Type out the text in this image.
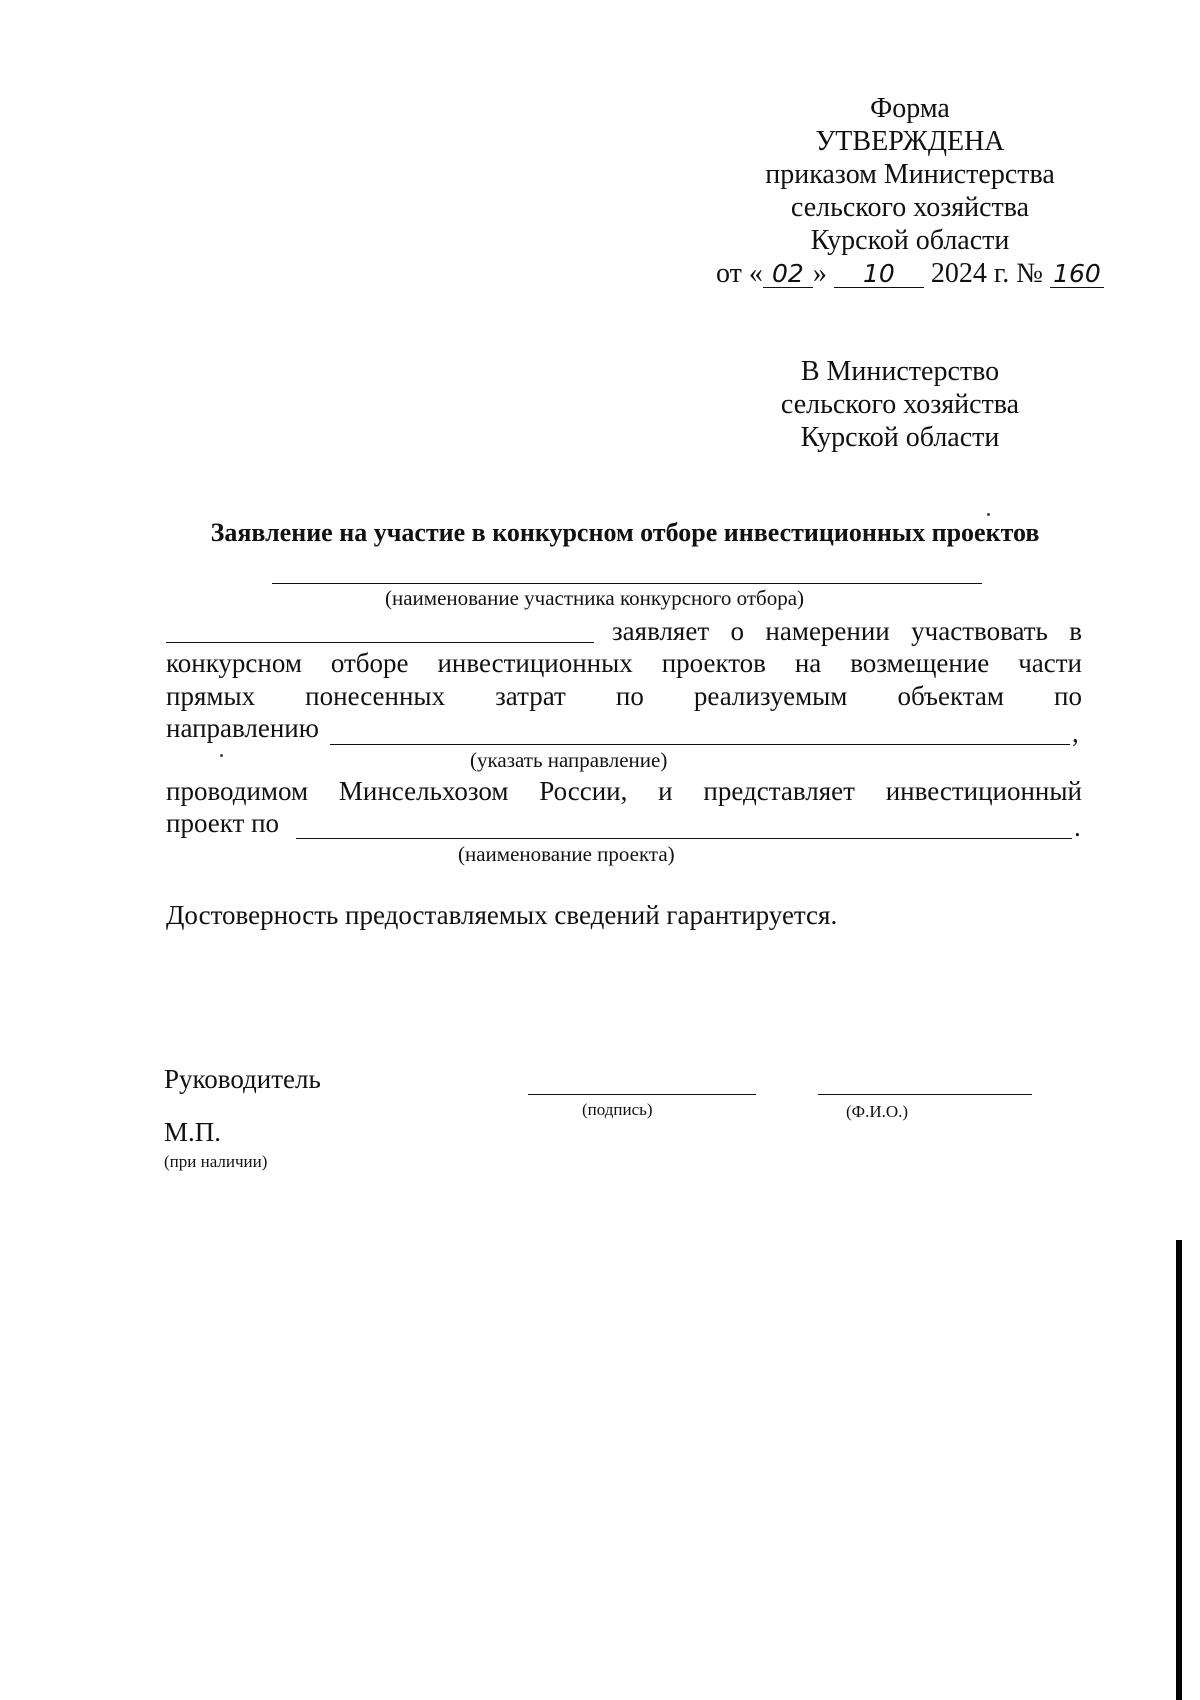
Форма
УТВЕРЖДЕНА
приказом Министерства
сельского хозяйства
Курской области
от « 02 » 10 2024 г. № 160
В Министерство
сельского хозяйства
Курской области
Заявление на участие в конкурсном отборе инвестиционных проектов
(наименование участника конкурсного отбора)
заявляет о намерении участвовать в
конкурсном отборе инвестиционных проектов на возмещение части
прямых понесенных затрат по реализуемым объектам по
направлению	,
(указать направление)
проводимом Минсельхозом России, и представляет инвестиционный
проект по	.
(наименование проекта)
Достоверность предоставляемых сведений гарантируется.
Руководитель
(подпись)	(Ф.И.О.)
М.П.
(при наличии)
